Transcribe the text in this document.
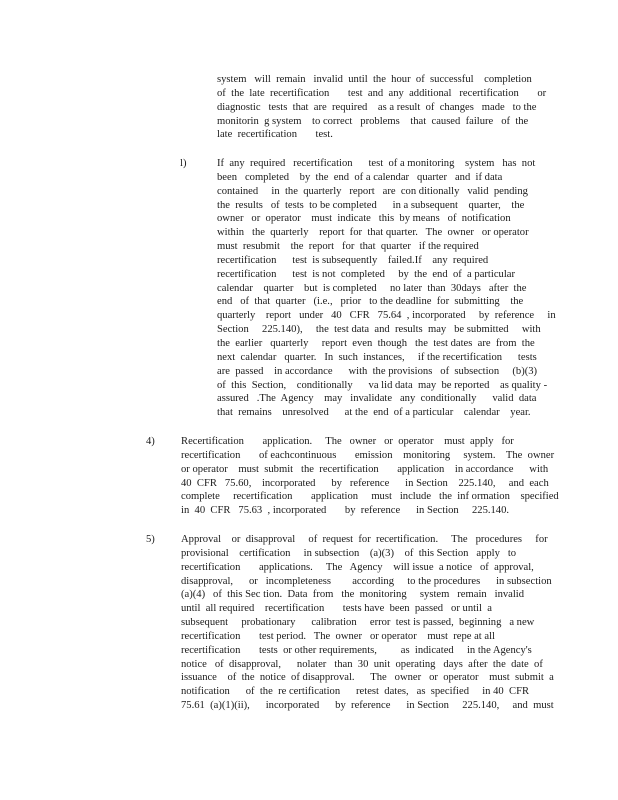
system   will  remain   invalid  until  the  hour  of  successful    completion
of  the  late  recertification       test  and  any  additional   recertification       or
diagnostic   tests  that  are  required    as a result  of  changes   made   to the
monitorin  g system    to correct   problems    that  caused  failure   of  the
late  recertification       test.
l)	If  any  required   recertification      test  of a monitoring    system   has  not
been   completed    by  the  end  of a calendar   quarter   and  if data
contained     in  the  quarterly   report   are  con ditionally   valid  pending
the  results   of  tests  to be completed      in a subsequent    quarter,    the
owner   or  operator    must  indicate   this  by means   of  notification
within   the  quarterly    report  for  that quarter.   The  owner   or operator
must  resubmit    the  report   for  that  quarter   if the required
recertification      test  is subsequently    failed.If    any  required
recertification      test  is not  completed     by  the  end  of  a particular
calendar    quarter    but  is completed     no later  than  30days   after  the
end   of  that  quarter   (i.e.,   prior   to the deadline  for  submitting    the
quarterly    report   under   40   CFR   75.64  , incorporated     by  reference     in
Section     225.140),     the  test data  and  results  may   be submitted     with
the  earlier   quarterly     report  even  though   the  test dates  are  from  the
next  calendar   quarter.   In  such  instances,     if the recertification      tests
are  passed    in accordance      with  the provisions   of  subsection     (b)(3)
of  this  Section,    conditionally      va lid data  may  be reported    as quality -
assured   .The  Agency    may   invalidate   any  conditionally      valid  data
that  remains    unresolved      at the  end  of a particular    calendar    year.
4) Recertification       application.     The   owner   or  operator    must  apply   for
recertification       of eachcontinuous       emission    monitoring     system.    The  owner
or operator    must  submit   the  recertification       application    in accordance      with
40  CFR   75.60,    incorporated      by   reference      in Section    225.140,     and  each
complete     recertification       application     must   include   the  inf ormation    specified
in  40  CFR   75.63  , incorporated       by  reference      in Section     225.140.
5) Approval    or  disapproval     of  request  for  recertification.     The   procedures     for
provisional    certification     in subsection    (a)(3)    of  this Section   apply   to
recertification       applications.     The   Agency    will issue  a notice   of  approval,
disapproval,      or   incompleteness        according     to the procedures      in subsection
(a)(4)   of  this Sec tion.  Data  from   the  monitoring     system   remain   invalid
until  all required    recertification       tests have  been  passed   or until  a
subsequent     probationary      calibration     error  test is passed,  beginning   a new
recertification       test period.   The  owner   or operator    must  repe at all
recertification       tests  or other requirements,         as  indicated     in the Agency's
notice   of  disapproval,      nolater   than  30  unit  operating   days  after  the  date  of
issuance    of  the  notice  of disapproval.      The   owner   or  operator    must  submit  a
notification      of  the  re certification      retest  dates,   as  specified     in 40  CFR
75.61  (a)(1)(ii),      incorporated      by  reference      in Section     225.140,     and  must
